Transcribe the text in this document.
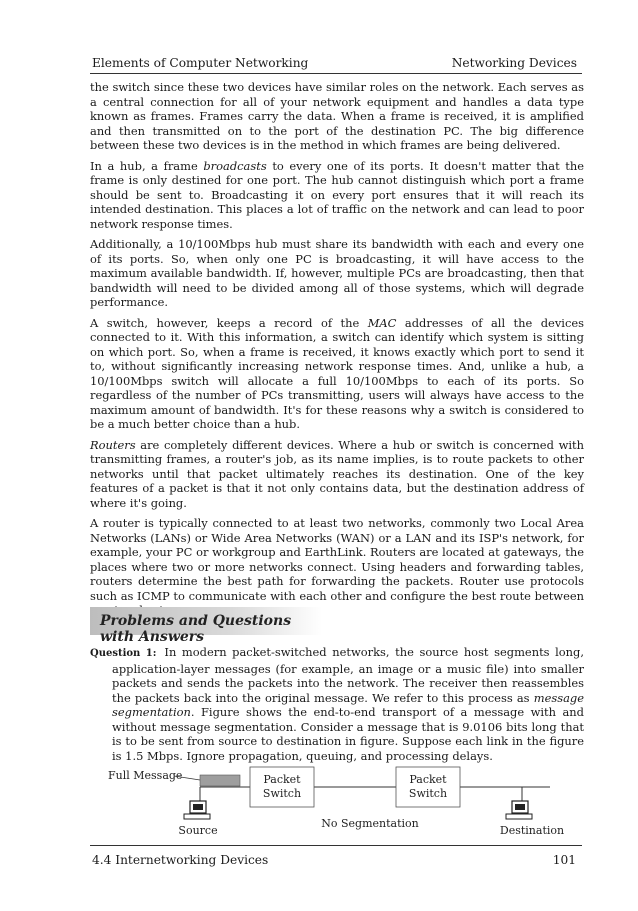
Elements of Computer Networking	Networking Devices

the switch since these two devices have similar roles on the network. Each serves as a central connection for all of your network equipment and handles a data type known as frames. Frames carry the data. When a frame is received, it is amplified and then transmitted on to the port of the destination PC. The big difference between these two devices is in the method in which frames are being delivered.

In a hub, a frame broadcasts to every one of its ports. It doesn't matter that the frame is only destined for one port. The hub cannot distinguish which port a frame should be sent to. Broadcasting it on every port ensures that it will reach its intended destination. This places a lot of traffic on the network and can lead to poor network response times.

Additionally, a 10/100Mbps hub must share its bandwidth with each and every one of its ports. So, when only one PC is broadcasting, it will have access to the maximum available bandwidth. If, however, multiple PCs are broadcasting, then that bandwidth will need to be divided among all of those systems, which will degrade performance.

A switch, however, keeps a record of the MAC addresses of all the devices connected to it. With this information, a switch can identify which system is sitting on which port. So, when a frame is received, it knows exactly which port to send it to, without significantly increasing network response times. And, unlike a hub, a 10/100Mbps switch will allocate a full 10/100Mbps to each of its ports. So regardless of the number of PCs transmitting, users will always have access to the maximum amount of bandwidth. It's for these reasons why a switch is considered to be a much better choice than a hub.

Routers are completely different devices. Where a hub or switch is concerned with transmitting frames, a router's job, as its name implies, is to route packets to other networks until that packet ultimately reaches its destination. One of the key features of a packet is that it not only contains data, but the destination address of where it's going.

A router is typically connected to at least two networks, commonly two Local Area Networks (LANs) or Wide Area Networks (WAN) or a LAN and its ISP's network, for example, your PC or workgroup and EarthLink. Routers are located at gateways, the places where two or more networks connect. Using headers and forwarding tables, routers determine the best path for forwarding the packets. Router use protocols such as ICMP to communicate with each other and configure the best route between

Problems and Questions with Answers
Question 1: In modern packet-switched networks, the source host segments long, application-layer messages (for example, an image or a music file) into smaller packets and sends the packets into the network. The receiver then reassembles the packets back into the original message. We refer to this process as message segmentation. Figure shows the end-to-end transport of a message with and without message segmentation. Consider a message that is 9.0106 bits long that is to be sent from source to destination in figure. Suppose each link in the figure is 1.5 Mbps. Ignore propagation, queuing, and processing delays.
Full Message	Packet
Switch
Packet
Switch
Source	Destination
No Segmentation
4.4 Internetworking Devices	101
